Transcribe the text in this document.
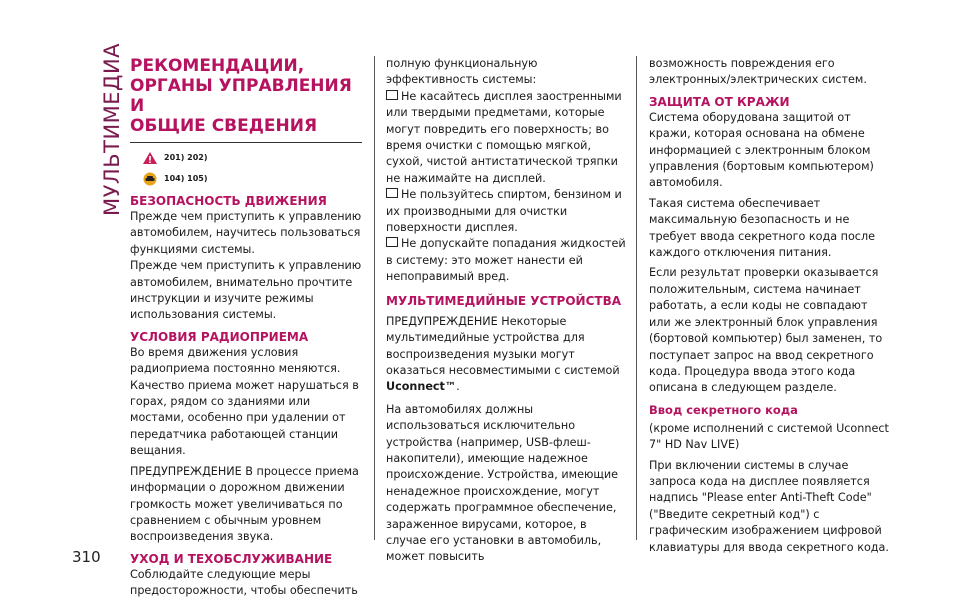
МУЛЬТИМЕДИА РЕКОМЕНДАЦИИ,
ОРГАНЫ УПРАВЛЕНИЯ И
ОБЩИЕ СВЕДЕНИЯ
201) 202)
104) 105)
БЕЗОПАСНОСТЬ ДВИЖЕНИЯ

Прежде чем приступить к управлению автомобилем, научитесь пользоваться функциями системы.

Прежде чем приступить к управлению автомобилем, внимательно прочтите инструкции и изучите режимы использования системы.

УСЛОВИЯ РАДИОПРИЕМА

Во время движения условия радиоприема постоянно меняются. Качество приема может нарушаться в горах, рядом со зданиями или мостами, особенно при удалении от передатчика работающей станции вещания.

ПРЕДУПРЕЖДЕНИЕ В процессе приема информации о дорожном движении громкость может увеличиваться по сравнением с обычным уровнем воспроизведения звука.

УХОД И ТЕХОБСЛУЖИВАНИЕ

Соблюдайте следующие меры предосторожности, чтобы обеспечить

полную функциональную эффективность системы:

Не касайтесь дисплея заостренными или твердыми предметами, которые могут повредить его поверхность; во время очистки с помощью мягкой, сухой, чистой антистатической тряпки не нажимайте на дисплей.

Не пользуйтесь спиртом, бензином и их производными для очистки поверхности дисплея.

Не допускайте попадания жидкостей в систему: это может нанести ей непоправимый вред.

МУЛЬТИМЕДИЙНЫЕ УСТРОЙСТВА

ПРЕДУПРЕЖДЕНИЕ Некоторые мультимедийные устройства для воспроизведения музыки могут оказаться несовместимыми с системой Uconnect™.

На автомобилях должны использоваться исключительно устройства (например, USB-флеш-накопители), имеющие надежное происхождение. Устройства, имеющие ненадежное происхождение, могут содержать программное обеспечение, зараженное вирусами, которое, в случае его установки в автомобиль, может повысить

возможность повреждения его электронных/электрических систем.

ЗАЩИТА ОТ КРАЖИ

Система оборудована защитой от кражи, которая основана на обмене информацией с электронным блоком управления (бортовым компьютером) автомобиля.

Такая система обеспечивает максимальную безопасность и не требует ввода секретного кода после каждого отключения питания.

Если результат проверки оказывается положительным, система начинает работать, а если коды не совпадают или же электронный блок управления (бортовой компьютер) был заменен, то поступает запрос на ввод секретного кода. Процедура ввода этого кода описана в следующем разделе.

Ввод секретного кода

(кроме исполнений с системой Uconnect 7" HD Nav LIVE)

При включении системы в случае запроса кода на дисплее появляется надпись "Please enter Anti-Theft Code" ("Введите секретный код") с графическим изображением цифровой клавиатуры для ввода секретного кода.

310
